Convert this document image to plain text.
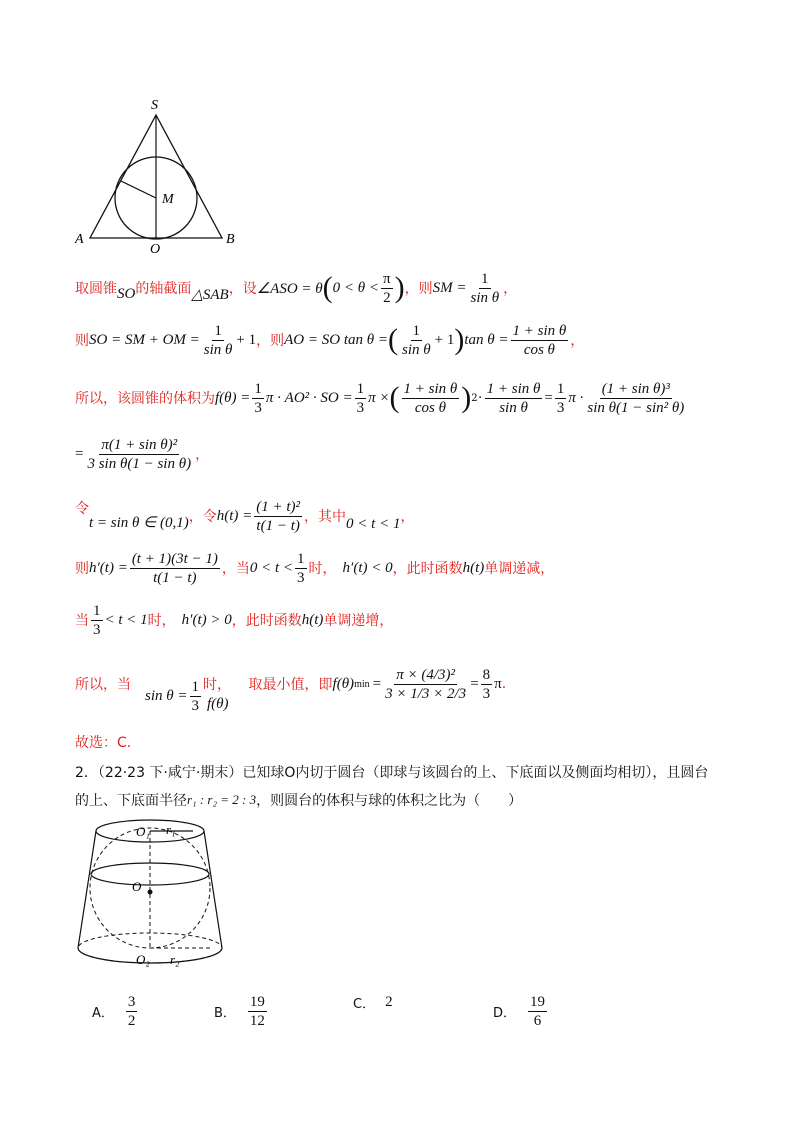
S
M
A
O
B
取圆锥 SO 的轴截面 △SAB ，设 ∠ASO = θ ( $0 < \theta < \frac{\pi}{2}$ ) ，则 SM = $\frac{1}{\text{sin θ}}$ ，
则 SO = SM + OM = $\frac{1}{\text{sin θ}} + 1$ ，则 AO = SO tan θ = ( $\frac{1}{\text{sin θ}} + 1$ ) $\tan \theta = \frac{\text{1 + sin θ}}{\text{cos θ}}$ ，
所以，该圆锥的体积为 $f(\theta) = \frac{1}{3}$ π · AO² · SO = $\frac{1}{3}$ π × ( $\frac{\text{1 + sin θ}}{\text{cos θ}}$ ) $2 \cdot \frac{\text{1 + sin θ}}{\text{sin θ}} = \frac{1}{3}$ $\pi \cdot \frac{\text{(1 + sin θ)³}}{\text{sin θ(1 − sin² θ)}}$
= $\frac{\text{π(1 + sin θ)²}}{\text{3 sin θ(1 − sin θ)}}$ ，
令
t = sin θ ∈ (0,1) ，令 $h(t) = \frac{\text{(1 + t)²}}{t(1 - t)}$ ，其中 0 < t < 1 ，
则 $h'(t) = \frac{(t + 1)(3t - 1)}{t(1 - t)}$ ，当 $0 < t < \frac{1}{3}$ 时， h′(t) < 0 ，此时函数 h(t) 单调递减，
当 $\frac{1}{3} < t < 1$ 时， h′(t) > 0 ，此时函数 h(t) 单调递增，
所以，当
$\sin \theta = \frac{1}{3}$ 时，
f(θ)
取最小值，即 f(θ) $\min = \frac{\text{π × (4/3)²}}{3 \times 1/3 \times 2/3} = \frac{8}{3}$ π .
故选：C.
2．（22·23 下·咸宁·期末）已知球O内切于圆台（即球与该圆台的上、下底面以及侧面均相切），且圆台
的上、下底面半径 r₁ : r₂ = 2 : 3 ，则圆台的体积与球的体积之比为（　　）
O₁ r₁
O
O₂ r₂
A． $\frac{3}{2}$	B． $\frac{19}{12}$	C． 2
D． $\frac{19}{6}$
